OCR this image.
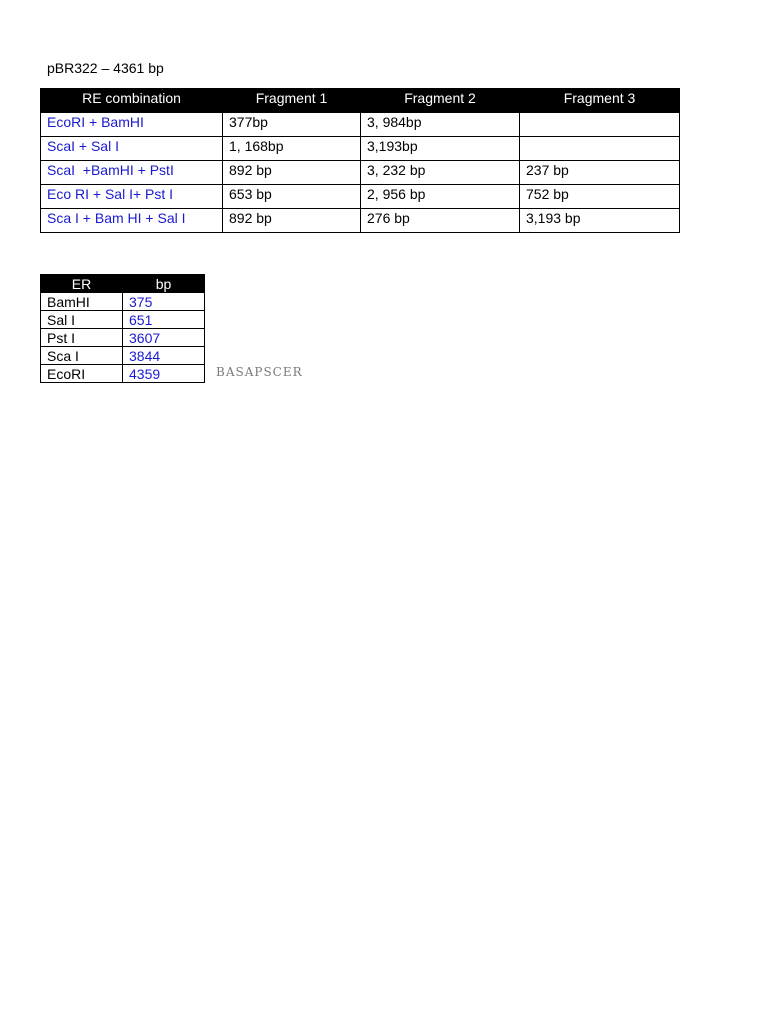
pBR322 – 4361 bp
RE combination	Fragment 1	Fragment 2	Fragment 3
EcoRI + BamHI	377bp	3, 984bp	
ScaI + Sal I	1, 168bp	3,193bp	
ScaI  +BamHI + PstI	892 bp	3, 232 bp	237 bp
Eco RI + Sal I+ Pst I	653 bp	2, 956 bp	752 bp
Sca I + Bam HI + Sal I	892 bp	276 bp	3,193 bp
ER	bp
BamHI	375
Sal I	651
Pst I	3607
Sca I	3844
EcoRI	4359	BASAPSCER
